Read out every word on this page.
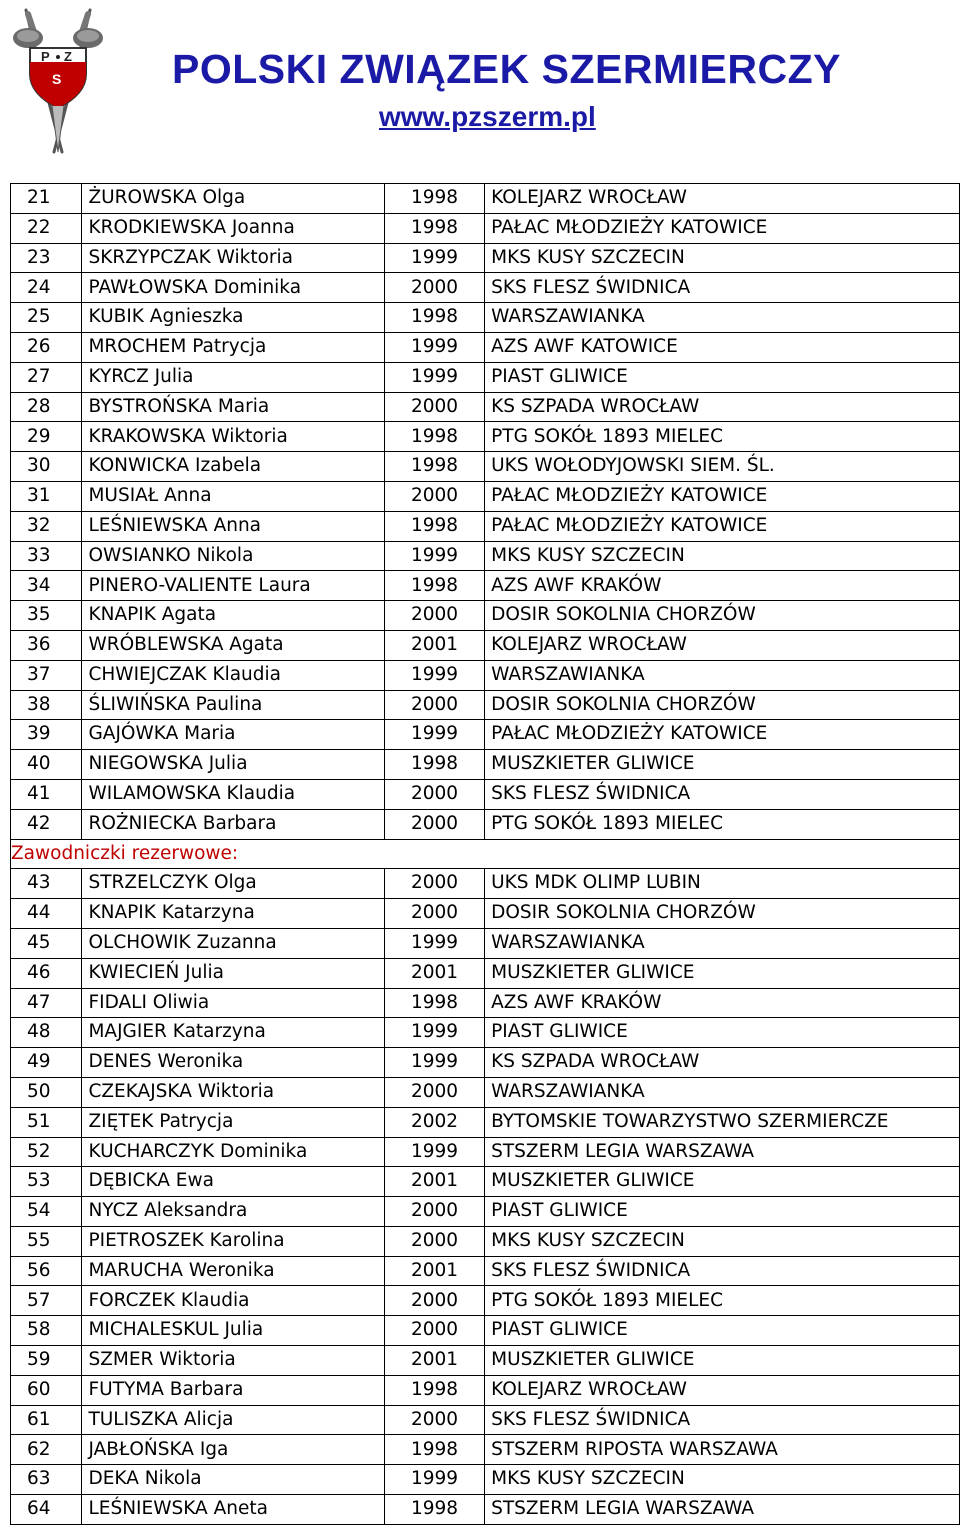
P Z
S	POLSKI ZWIĄZEK SZERMIERCZY
www.pzszerm.pl
21	ŻUROWSKA Olga	1998	KOLEJARZ WROCŁAW
22	KRODKIEWSKA Joanna	1998	PAŁAC MŁODZIEŻY KATOWICE
23	SKRZYPCZAK Wiktoria	1999	MKS KUSY SZCZECIN
24	PAWŁOWSKA Dominika	2000	SKS FLESZ ŚWIDNICA
25	KUBIK Agnieszka	1998	WARSZAWIANKA
26	MROCHEM Patrycja	1999	AZS AWF KATOWICE
27	KYRCZ Julia	1999	PIAST GLIWICE
28	BYSTROŃSKA Maria	2000	KS SZPADA WROCŁAW
29	KRAKOWSKA Wiktoria	1998	PTG SOKÓŁ 1893 MIELEC
30	KONWICKA Izabela	1998	UKS WOŁODYJOWSKI SIEM. ŚL.
31	MUSIAŁ Anna	2000	PAŁAC MŁODZIEŻY KATOWICE
32	LEŚNIEWSKA Anna	1998	PAŁAC MŁODZIEŻY KATOWICE
33	OWSIANKO Nikola	1999	MKS KUSY SZCZECIN
34	PINERO-VALIENTE Laura	1998	AZS AWF KRAKÓW
35	KNAPIK Agata	2000	DOSIR SOKOLNIA CHORZÓW
36	WRÓBLEWSKA Agata	2001	KOLEJARZ WROCŁAW
37	CHWIEJCZAK Klaudia	1999	WARSZAWIANKA
38	ŚLIWIŃSKA Paulina	2000	DOSIR SOKOLNIA CHORZÓW
39	GAJÓWKA Maria	1999	PAŁAC MŁODZIEŻY KATOWICE
40	NIEGOWSKA Julia	1998	MUSZKIETER GLIWICE
41	WILAMOWSKA Klaudia	2000	SKS FLESZ ŚWIDNICA
42	ROŻNIECKA Barbara	2000	PTG SOKÓŁ 1893 MIELEC
Zawodniczki rezerwowe:			
43	STRZELCZYK Olga	2000	UKS MDK OLIMP LUBIN
44	KNAPIK Katarzyna	2000	DOSIR SOKOLNIA CHORZÓW
45	OLCHOWIK Zuzanna	1999	WARSZAWIANKA
46	KWIECIEŃ Julia	2001	MUSZKIETER GLIWICE
47	FIDALI Oliwia	1998	AZS AWF KRAKÓW
48	MAJGIER Katarzyna	1999	PIAST GLIWICE
49	DENES Weronika	1999	KS SZPADA WROCŁAW
50	CZEKAJSKA Wiktoria	2000	WARSZAWIANKA
51	ZIĘTEK Patrycja	2002	BYTOMSKIE TOWARZYSTWO SZERMIERCZE
52	KUCHARCZYK Dominika	1999	STSZERM LEGIA WARSZAWA
53	DĘBICKA Ewa	2001	MUSZKIETER GLIWICE
54	NYCZ Aleksandra	2000	PIAST GLIWICE
55	PIETROSZEK Karolina	2000	MKS KUSY SZCZECIN
56	MARUCHA Weronika	2001	SKS FLESZ ŚWIDNICA
57	FORCZEK Klaudia	2000	PTG SOKÓŁ 1893 MIELEC
58	MICHALESKUL Julia	2000	PIAST GLIWICE
59	SZMER Wiktoria	2001	MUSZKIETER GLIWICE
60	FUTYMA Barbara	1998	KOLEJARZ WROCŁAW
61	TULISZKA Alicja	2000	SKS FLESZ ŚWIDNICA
62	JABŁOŃSKA Iga	1998	STSZERM RIPOSTA WARSZAWA
63	DEKA Nikola	1999	MKS KUSY SZCZECIN
64	LEŚNIEWSKA Aneta	1998	STSZERM LEGIA WARSZAWA
